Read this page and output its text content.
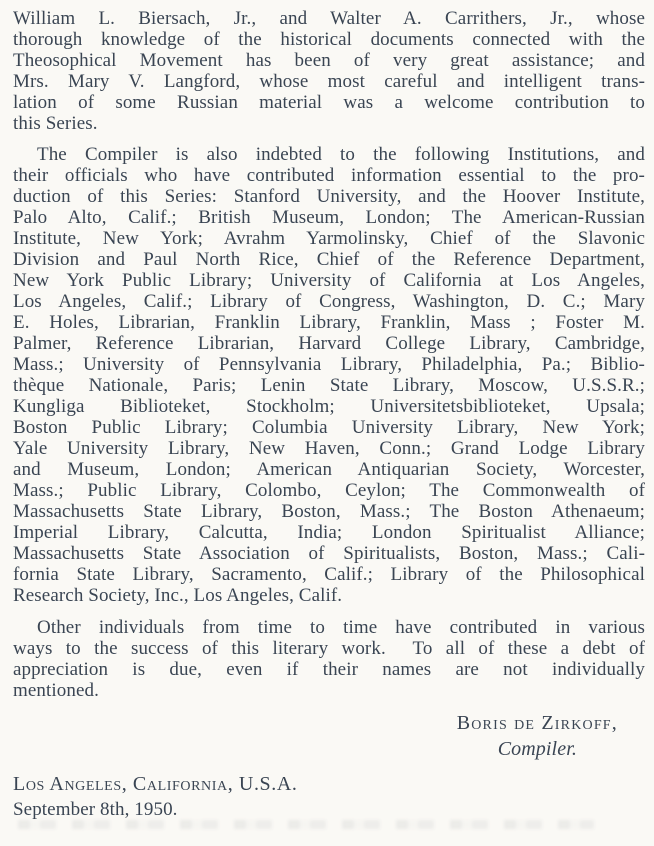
William L. Biersach, Jr., and Walter A. Carrithers, Jr., whose
thorough knowledge of the historical documents connected with the
Theosophical Movement has been of very great assistance; and
Mrs. Mary V. Langford, whose most careful and intelligent trans-
lation of some Russian material was a welcome contribution to
this Series.
The Compiler is also indebted to the following Institutions, and
their officials who have contributed information essential to the pro-
duction of this Series: Stanford University, and the Hoover Institute,
Palo Alto, Calif.; British Museum, London; The American-Russian
Institute, New York; Avrahm Yarmolinsky, Chief of the Slavonic
Division and Paul North Rice, Chief of the Reference Department,
New York Public Library; University of California at Los Angeles,
Los Angeles, Calif.; Library of Congress, Washington, D. C.; Mary
E. Holes, Librarian, Franklin Library, Franklin, Mass ; Foster M.
Palmer, Reference Librarian, Harvard College Library, Cambridge,
Mass.; University of Pennsylvania Library, Philadelphia, Pa.; Biblio-
thèque Nationale, Paris; Lenin State Library, Moscow, U.S.S.R.;
Kungliga Biblioteket, Stockholm; Universitetsbiblioteket, Upsala;
Boston Public Library; Columbia University Library, New York;
Yale University Library, New Haven, Conn.; Grand Lodge Library
and Museum, London; American Antiquarian Society, Worcester,
Mass.; Public Library, Colombo, Ceylon; The Commonwealth of
Massachusetts State Library, Boston, Mass.; The Boston Athenaeum;
Imperial Library, Calcutta, India; London Spiritualist Alliance;
Massachusetts State Association of Spiritualists, Boston, Mass.; Cali-
fornia State Library, Sacramento, Calif.; Library of the Philosophical
Research Society, Inc., Los Angeles, Calif.
Other individuals from time to time have contributed in various
ways to the success of this literary work.  To all of these a debt of
appreciation is due, even if their names are not individually
mentioned.
Boris de Zirkoff,
Compiler.
Los Angeles, California, U.S.A.
September 8th, 1950.
